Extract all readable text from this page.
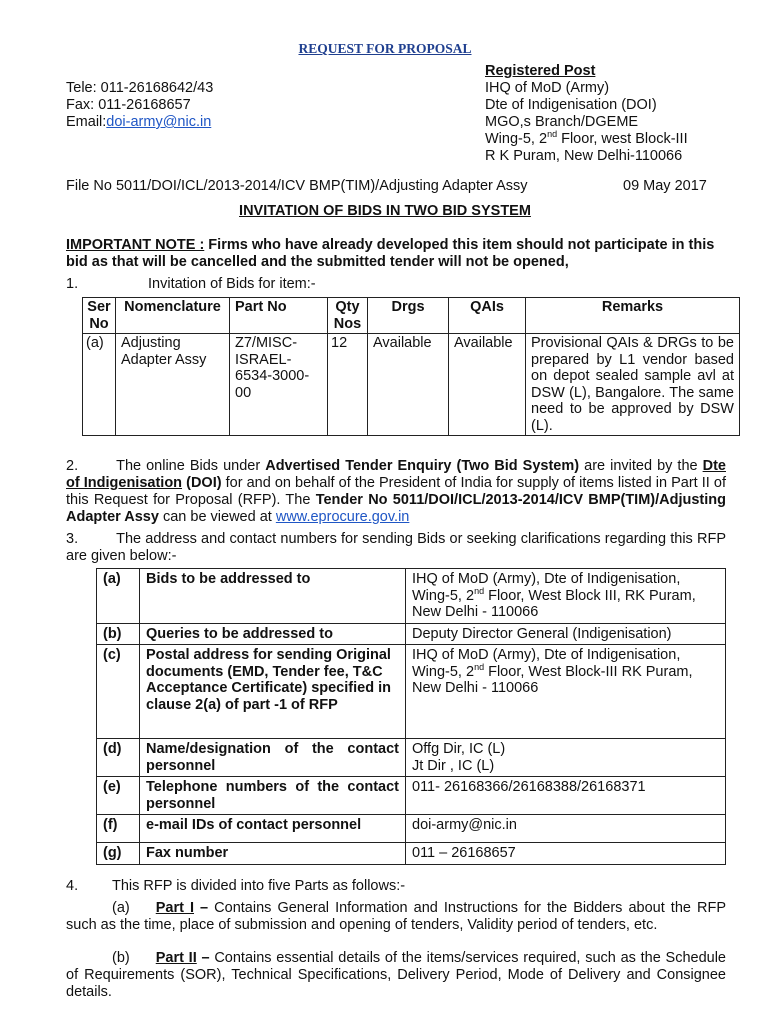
REQUEST FOR PROPOSAL
Tele: 011-26168642/43
Fax: 011-26168657
Email:doi-army@nic.in
Registered Post
IHQ of MoD (Army)
Dte of Indigenisation (DOI)
MGO,s Branch/DGEME
Wing-5, 2nd Floor, west Block-III
R K Puram, New Delhi-110066
File No 5011/DOI/ICL/2013-2014/ICV BMP(TIM)/Adjusting Adapter Assy	09 May 2017
INVITATION OF BIDS IN TWO BID SYSTEM
IMPORTANT NOTE : Firms who have already developed this item should not participate in this bid as that will be cancelled and the submitted tender will not be opened,
1.	Invitation of Bids for item:-
Ser No	Nomenclature	Part No	Qty Nos	Drgs	QAIs	Remarks
(a)	Adjusting Adapter Assy	Z7/MISC-ISRAEL-6534-3000-00	12	Available	Available	Provisional QAIs & DRGs to be prepared by L1 vendor based on depot sealed sample avl at DSW (L), Bangalore. The same need to be approved by DSW (L).
2.	The online Bids under Advertised Tender Enquiry (Two Bid System) are invited by the Dte of Indigenisation (DOI) for and on behalf of the President of India for supply of items listed in Part II of this Request for Proposal (RFP). The Tender No 5011/DOI/ICL/2013-2014/ICV BMP(TIM)/Adjusting Adapter Assy can be viewed at www.eprocure.gov.in
3.	The address and contact numbers for sending Bids or seeking clarifications regarding this RFP are given below:-
(a)	Bids to be addressed to	IHQ of MoD (Army), Dte of Indigenisation, Wing-5, 2nd Floor, West Block III, RK Puram, New Delhi - 110066
(b)	Queries to be addressed to	Deputy Director General (Indigenisation)
(c)	Postal address for sending Original documents (EMD, Tender fee, T&C Acceptance Certificate) specified in clause 2(a) of part -1 of RFP	IHQ of MoD (Army), Dte of Indigenisation, Wing-5, 2nd Floor, West Block-III RK Puram, New Delhi - 110066
(d)	Name/designation of the contact personnel	Offg Dir, IC (L)
Jt Dir , IC (L)

(e)	Telephone numbers of the contact personnel	011- 26168366/26168388/26168371
(f)	e-mail IDs of contact personnel	doi-army@nic.in
(g)	Fax number	011 – 26168657
4. This RFP is divided into five Parts as follows:-
(a) Part I – Contains General Information and Instructions for the Bidders about the RFP such as the time, place of submission and opening of tenders, Validity period of tenders, etc.
(b) Part II – Contains essential details of the items/services required, such as the Schedule of Requirements (SOR), Technical Specifications, Delivery Period, Mode of Delivery and Consignee details.
